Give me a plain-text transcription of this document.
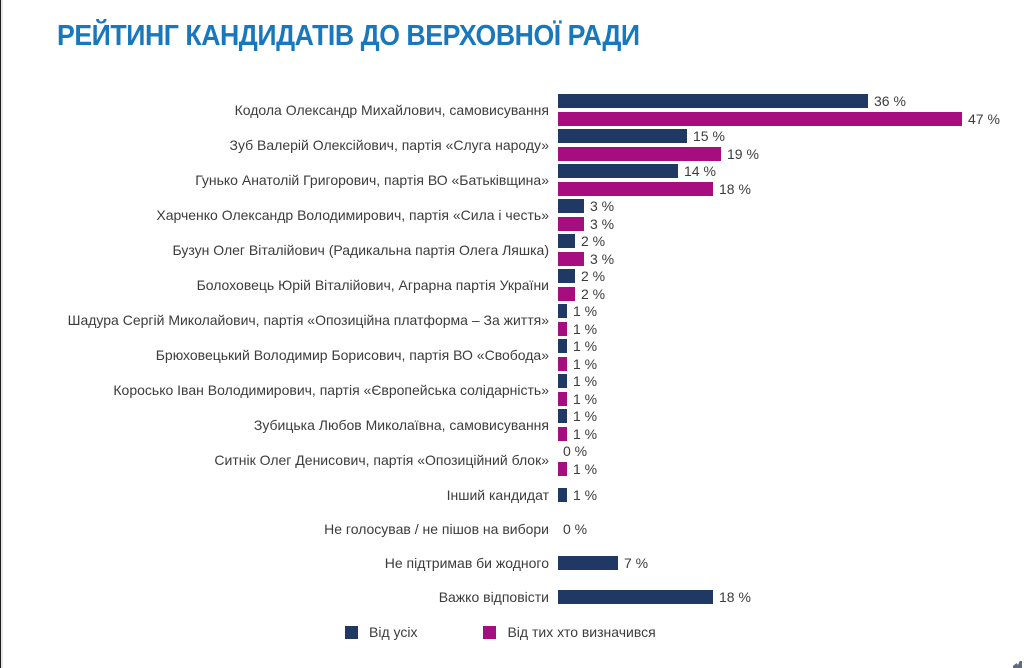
РЕЙТИНГ КАНДИДАТІВ ДО ВЕРХОВНОЇ РАДИ
Кодола Олександр Михайлович, самовисування
36 %
47 %
Зуб Валерій Олексійович, партія «Слуга народу»
15 %
19 %
Гунько Анатолій Григорович, партія ВО «Батьківщина»
14 %
18 %
Харченко Олександр Володимирович, партія «Сила і честь»
3 %
3 %
Бузун Олег Віталійович (Радикальна партія Олега Ляшка)
2 %
3 %
Болоховець Юрій Віталійович, Аграрна партія України
2 %
2 %
Шадура Сергій Миколайович, партія «Опозиційна платформа – За життя»
1 %
1 %
Брюховецький Володимир Борисович, партія ВО «Свобода»
1 %
1 %
Коросько Іван Володимирович, партія «Європейська солідарність»
1 %
1 %
Зубицька Любов Миколаївна, самовисування
1 %
1 %
Ситнік Олег Денисович, партія «Опозиційний блок»
0 %
1 %
Інший кандидат	1 %
Не голосував / не пішов на вибори	0 %
Не підтримав би жодного	7 %
Важко відповісти	18 %
Від усіх	Від тих хто визначився
